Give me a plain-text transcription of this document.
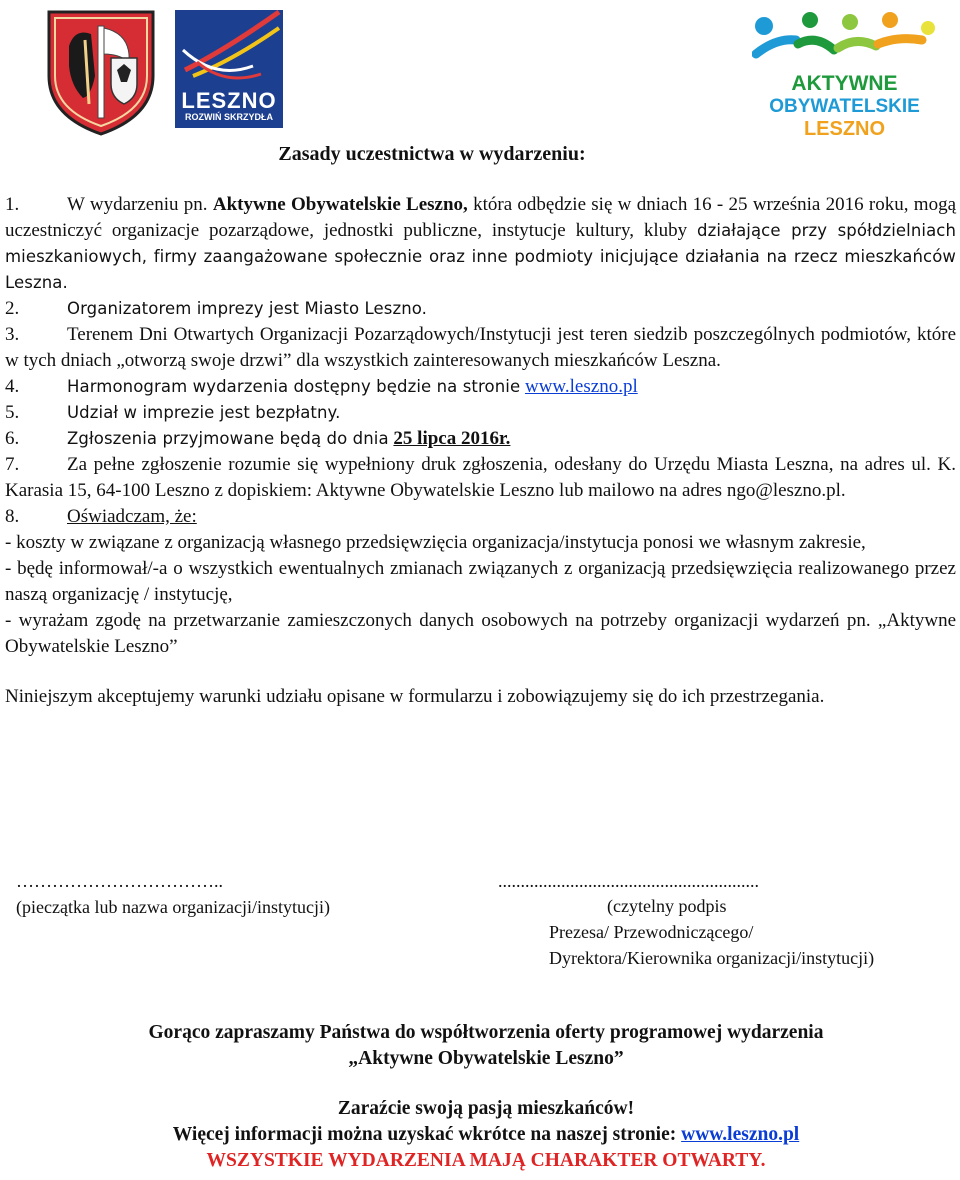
LESZNO
ROZWIŃ SKRZYDŁA
AKTYWNE
OBYWATELSKIE
LESZNO
Zasady uczestnictwa w wydarzeniu:

1.	W wydarzeniu pn. Aktywne Obywatelskie Leszno, która odbędzie się w dniach 16 - 25 września 2016 roku, mogą uczestniczyć organizacje pozarządowe, jednostki publiczne, instytucje kultury, kluby działające przy spółdzielniach mieszkaniowych, firmy zaangażowane społecznie oraz inne podmioty inicjujące działania na rzecz mieszkańców Leszna.

2.	Organizatorem imprezy jest Miasto Leszno.

3.	Terenem Dni Otwartych Organizacji Pozarządowych/Instytucji jest teren siedzib poszczególnych podmiotów, które w tych dniach „otworzą swoje drzwi” dla wszystkich zainteresowanych mieszkańców Leszna.

4.	Harmonogram wydarzenia dostępny będzie na stronie www.leszno.pl

5.	Udział w imprezie jest bezpłatny.

6.	Zgłoszenia przyjmowane będą do dnia 25 lipca 2016r.

7.	Za pełne zgłoszenie rozumie się wypełniony druk zgłoszenia, odesłany do Urzędu Miasta Leszna, na adres ul. K. Karasia 15, 64-100 Leszno z dopiskiem: Aktywne Obywatelskie Leszno lub mailowo na adres ngo@leszno.pl.

8.	Oświadczam, że:

- koszty w związane z organizacją własnego przedsięwzięcia organizacja/instytucja ponosi we własnym zakresie,

- będę informował/-a o wszystkich ewentualnych zmianach związanych z organizacją przedsięwzięcia realizowanego przez naszą organizację / instytucję,

- wyrażam zgodę na przetwarzanie zamieszczonych danych osobowych na potrzeby organizacji wydarzeń pn. „Aktywne Obywatelskie Leszno”

Niniejszym akceptujemy warunki udziału opisane w formularzu i zobowiązujemy się do ich przestrzegania.

……………………………..
(pieczątka lub nazwa organizacji/instytucji)
..........................................................
(czytelny podpis
Prezesa/ Przewodniczącego/
Dyrektora/Kierownika organizacji/instytucji)
Gorąco zapraszamy Państwa do współtworzenia oferty programowej wydarzenia
„Aktywne Obywatelskie Leszno”
Zaraźcie swoją pasją mieszkańców!
Więcej informacji można uzyskać wkrótce na naszej stronie: www.leszno.pl
WSZYSTKIE WYDARZENIA MAJĄ CHARAKTER OTWARTY.
